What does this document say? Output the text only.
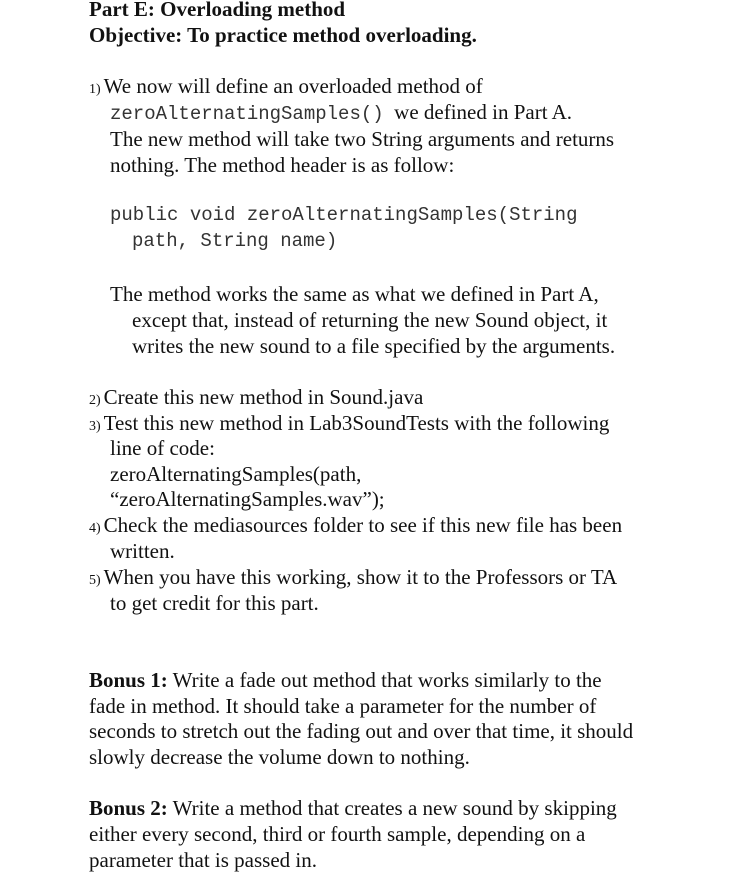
Part E: Overloading method
Objective: To practice method overloading.
1) We now will define an overloaded method of
zeroAlternatingSamples() we defined in Part A.
The new method will take two String arguments and returns
nothing. The method header is as follow:
public void zeroAlternatingSamples(String
path, String name)
The method works the same as what we defined in Part A,
except that, instead of returning the new Sound object, it
writes the new sound to a file specified by the arguments.
2) Create this new method in Sound.java
3) Test this new method in Lab3SoundTests with the following
line of code:
zeroAlternatingSamples(path,
“zeroAlternatingSamples.wav”);
4) Check the mediasources folder to see if this new file has been
written.
5) When you have this working, show it to the Professors or TA
to get credit for this part.
Bonus 1: Write a fade out method that works similarly to the
fade in method. It should take a parameter for the number of
seconds to stretch out the fading out and over that time, it should
slowly decrease the volume down to nothing.
Bonus 2: Write a method that creates a new sound by skipping
either every second, third or fourth sample, depending on a
parameter that is passed in.
